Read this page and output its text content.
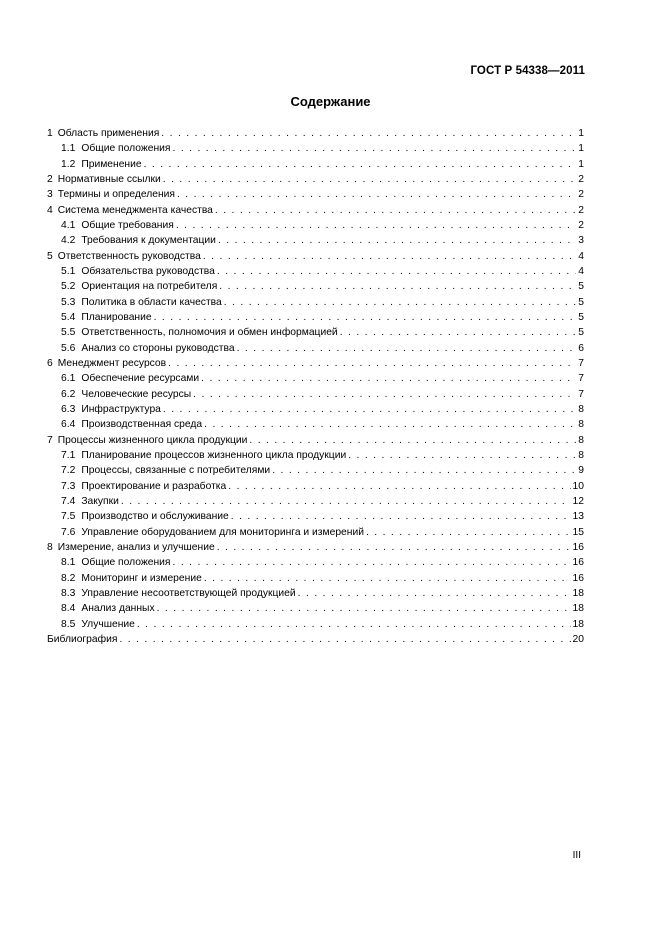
ГОСТ Р 54338—2011
Содержание
1 Область применения . . .	1
1.1 Общие положения . . .	1
1.2 Применение . . .	1
2 Нормативные ссылки . . .	2
3 Термины и определения . . .	2
4 Система менеджмента качества . . .	2
4.1 Общие требования . . .	2
4.2 Требования к документации . . .	3
5 Ответственность руководства . . .	4
5.1 Обязательства руководства . . .	4
5.2 Ориентация на потребителя . . .	5
5.3 Политика в области качества . . .	5
5.4 Планирование . . .	5
5.5 Ответственность, полномочия и обмен информацией . . .	5
5.6 Анализ со стороны руководства . . .	6
6 Менеджмент ресурсов . . .	7
6.1 Обеспечение ресурсами . . .	7
6.2 Человеческие ресурсы . . .	7
6.3 Инфраструктура . . .	8
6.4 Производственная среда . . .	8
7 Процессы жизненного цикла продукции . . .	8
7.1 Планирование процессов жизненного цикла продукции . . .	8
7.2 Процессы, связанные с потребителями . . .	9
7.3 Проектирование и разработка . . .	10
7.4 Закупки . . .	12
7.5 Производство и обслуживание . . .	13
7.6 Управление оборудованием для мониторинга и измерений . . .	15
8 Измерение, анализ и улучшение . . .	16
8.1 Общие положения . . .	16
8.2 Мониторинг и измерение . . .	16
8.3 Управление несоответствующей продукцией . . .	18
8.4 Анализ данных . . .	18
8.5 Улучшение . . .	18
Библиография . . .	20
III
